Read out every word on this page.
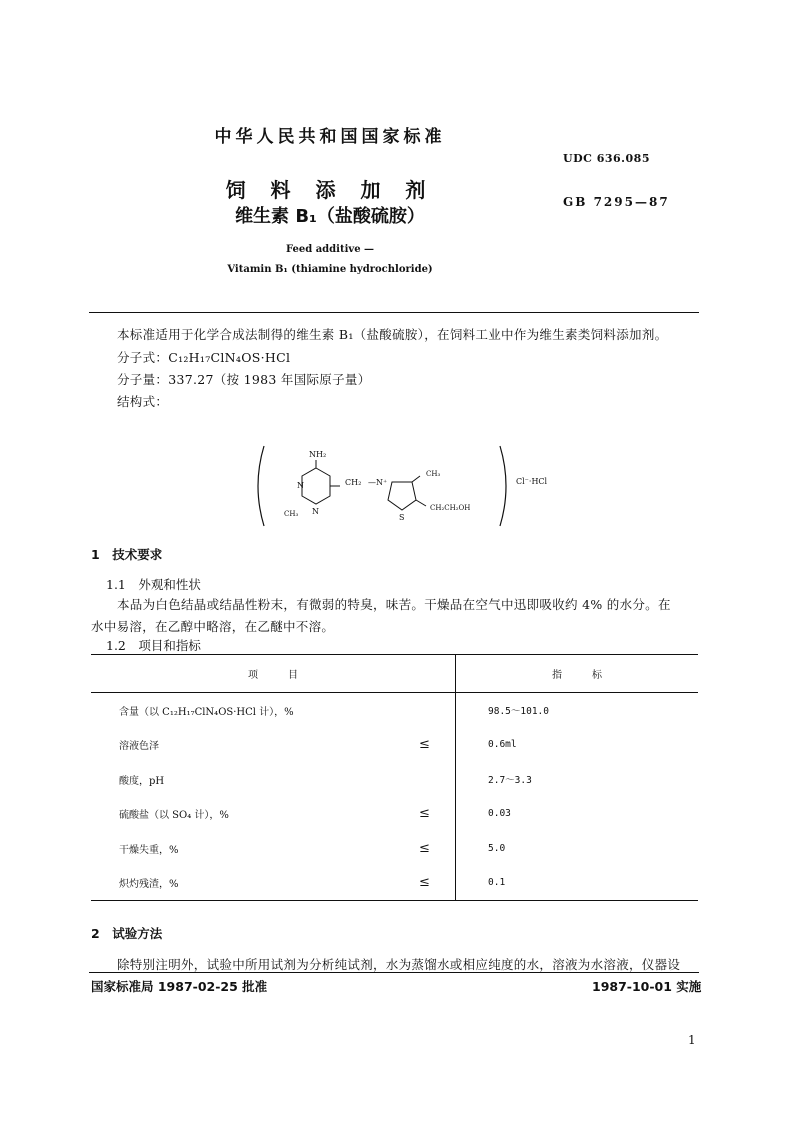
中华人民共和国国家标准
UDC 636.085
饲 料 添 加 剂	GB 7295—87
维生素 B₁（盐酸硫胺）
Feed additive —
Vitamin B₁ (thiamine hydrochloride)
本标准适用于化学合成法制得的维生素 B₁（盐酸硫胺），在饲料工业中作为维生素类饲料添加剂。
分子式：C₁₂H₁₇ClN₄OS·HCl
分子量：337.27（按 1983 年国际原子量）
结构式：
NH₂
N
N
CH₃
CH₂ —N⁺
CH₃
S
CH₂CH₂OH
Cl⁻·HCl
1　技术要求
1.1　外观和性状
本品为白色结晶或结晶性粉末，有微弱的特臭，味苦。干燥品在空气中迅即吸收约 4% 的水分。在
水中易溶，在乙醇中略溶，在乙醚中不溶。
1.2　项目和指标
项　　　目		指　　　标
含量（以 C₁₂H₁₇ClN₄OS·HCl 计），%		98.5～101.0
溶液色泽	≤	0.6ml
酸度，pH		2.7～3.3
硫酸盐（以 SO₄ 计），%	≤	0.03
干燥失重，%	≤	5.0
炽灼残渣，%	≤	0.1
2　试验方法
除特别注明外，试验中所用试剂为分析纯试剂，水为蒸馏水或相应纯度的水，溶液为水溶液，仪器设
国家标准局 1987-02-25 批准	1987-10-01 实施
1
